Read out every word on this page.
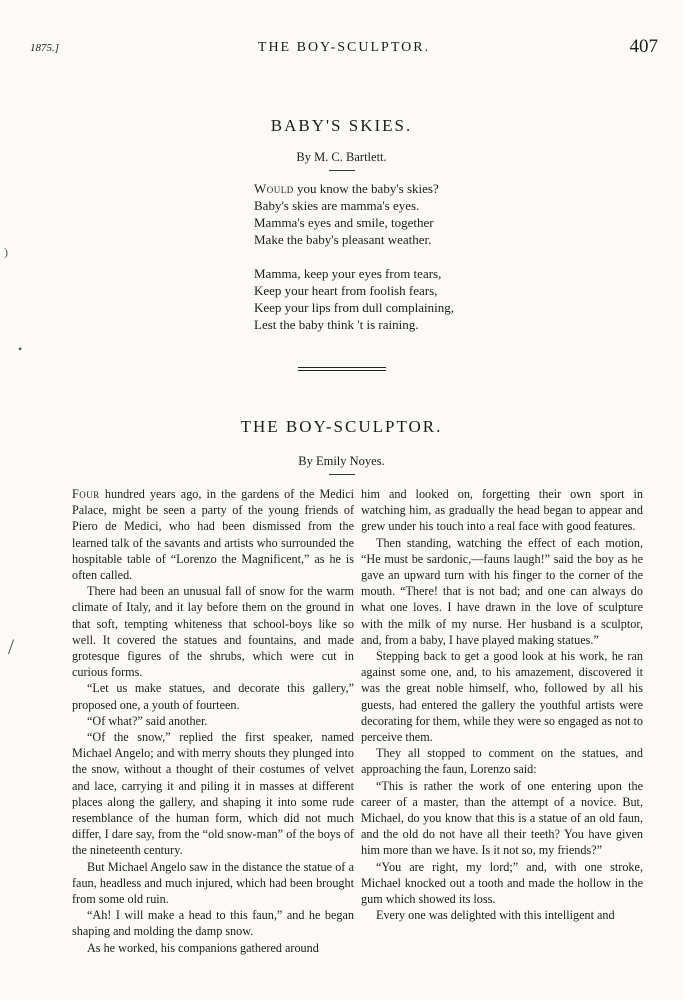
1875.]	THE BOY-SCULPTOR.	407
BABY'S SKIES.
By M. C. Bartlett.
Would you know the baby's skies?
Baby's skies are mamma's eyes.
Mamma's eyes and smile, together
Make the baby's pleasant weather.
Mamma, keep your eyes from tears,
Keep your heart from foolish fears,
Keep your lips from dull complaining,
Lest the baby think 't is raining.
THE BOY-SCULPTOR.
By Emily Noyes.

Four hundred years ago, in the gardens of the Medici Palace, might be seen a party of the young friends of Piero de Medici, who had been dismissed from the learned talk of the savants and artists who surrounded the hospitable table of “Lorenzo the Magnificent,” as he is often called.

There had been an unusual fall of snow for the warm climate of Italy, and it lay before them on the ground in that soft, tempting whiteness that school-boys like so well. It covered the statues and fountains, and made grotesque figures of the shrubs, which were cut in curious forms.

“Let us make statues, and decorate this gallery,” proposed one, a youth of fourteen.

“Of what?” said another.

“Of the snow,” replied the first speaker, named Michael Angelo; and with merry shouts they plunged into the snow, without a thought of their costumes of velvet and lace, carrying it and piling it in masses at different places along the gallery, and shaping it into some rude resemblance of the human form, which did not much differ, I dare say, from the “old snow-man” of the boys of the nineteenth century.

But Michael Angelo saw in the distance the statue of a faun, headless and much injured, which had been brought from some old ruin.

“Ah! I will make a head to this faun,” and he began shaping and molding the damp snow.

As he worked, his companions gathered around

him and looked on, forgetting their own sport in watching him, as gradually the head began to appear and grew under his touch into a real face with good features.

Then standing, watching the effect of each motion, “He must be sardonic,—fauns laugh!” said the boy as he gave an upward turn with his finger to the corner of the mouth. “There! that is not bad; and one can always do what one loves. I have drawn in the love of sculpture with the milk of my nurse. Her husband is a sculptor, and, from a baby, I have played making statues.”

Stepping back to get a good look at his work, he ran against some one, and, to his amazement, discovered it was the great noble himself, who, followed by all his guests, had entered the gallery the youthful artists were decorating for them, while they were so engaged as not to perceive them.

They all stopped to comment on the statues, and approaching the faun, Lorenzo said:

“This is rather the work of one entering upon the career of a master, than the attempt of a novice. But, Michael, do you know that this is a statue of an old faun, and the old do not have all their teeth? You have given him more than we have. Is it not so, my friends?”

“You are right, my lord;” and, with one stroke, Michael knocked out a tooth and made the hollow in the gum which showed its loss.

Every one was delighted with this intelligent and

)
•
/
